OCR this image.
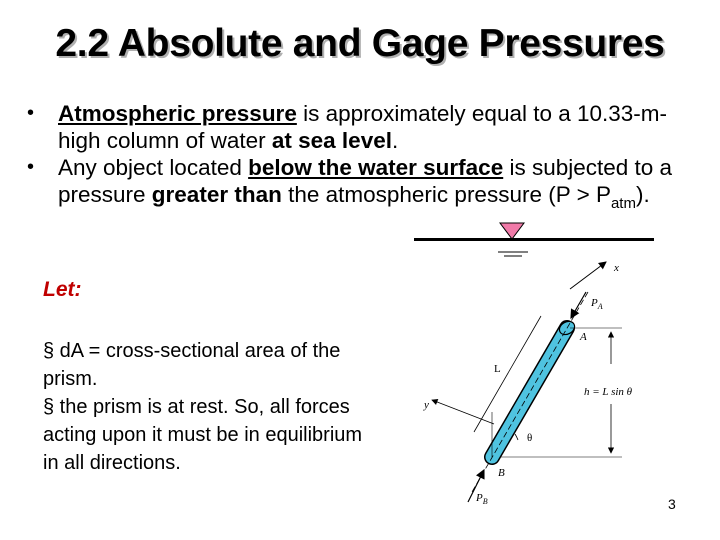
2.2 Absolute and Gage Pressures
• Atmospheric pressure is approximately equal to a 10.33-m-high column of water at sea level.
• Any object located below the water surface is subjected to a pressure greater than the atmospheric pressure $(P > P_{atm})$.
Let:
§ dA = cross-sectional area of the prism.
§ the prism is at rest. So, all forces acting upon it must be in equilibrium in all directions.
x
$P_A$
A
B
L
y
h = L sin θ
θ
$P_B$	3
